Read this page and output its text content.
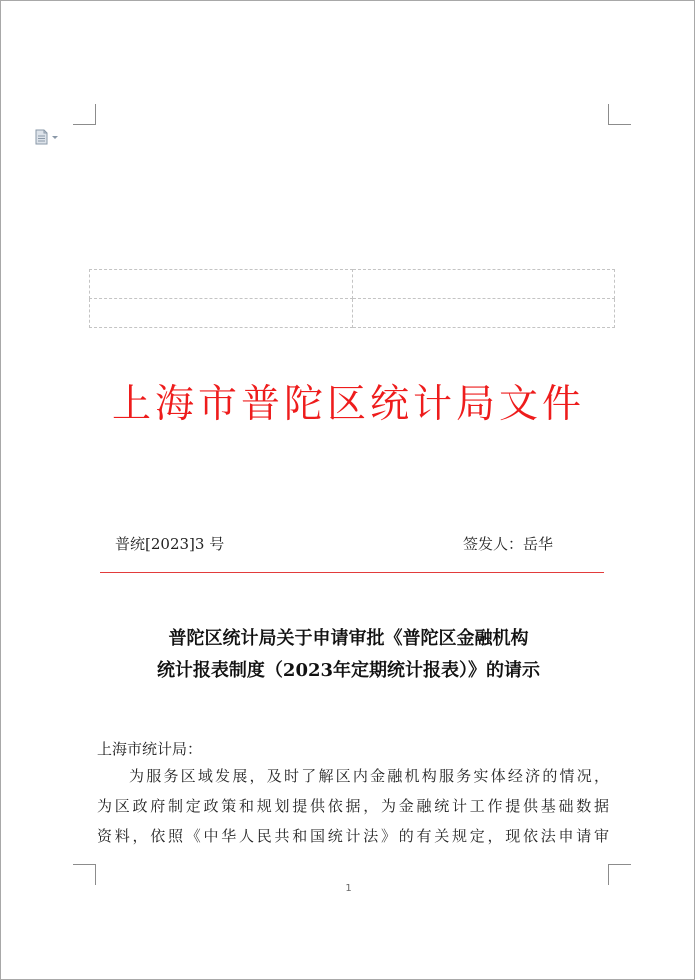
上海市普陀区统计局文件
普统[2023]3 号	签发人：岳华
普陀区统计局关于申请审批《普陀区金融机构
统计报表制度（2023年定期统计报表）》的请示
上海市统计局：
为服务区域发展，及时了解区内金融机构服务实体经济的情况，
为区政府制定政策和规划提供依据，为金融统计工作提供基础数据
资料，依照《中华人民共和国统计法》的有关规定，现依法申请审
1
